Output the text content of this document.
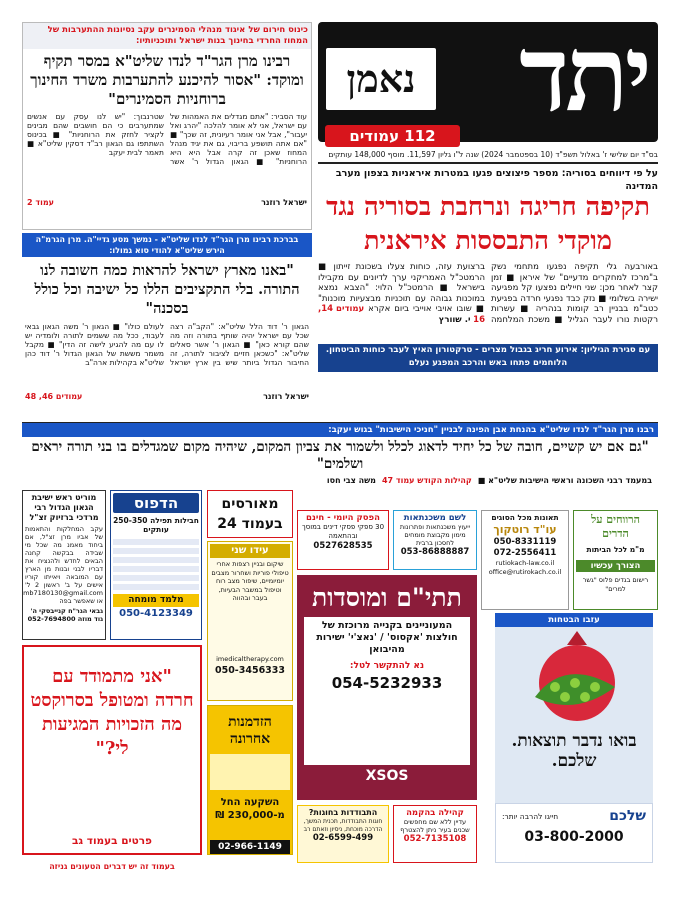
יתד
נאמן
112 עמודים
בס"ד יום שלישי ז' באלול תשפ"ד (10 בספטמבר 2024) שנה ל"ו גליון 11,597. מוסף 148,000 עותקים
על פי דיווחים בסוריה: מספר פיצוצים פגעו במטרות איראניות בצפון מערב המדינה
תקיפה חריגה ונרחבת בסוריה נגד מוקדי התבססות איראנית
באורבעה גלי תקיפה נפגעו מתחמי נשק ב"מרכז למחקרים מדעיים" של איראן ■ זמן קצר לאחר מכן: שני חיילים נפצעו קל מפגיעה ישירה בשלומי ■ נזק כבד נפגעי חרדה בפגיעת כטב"מ בבניין רב קומות בנהריה ■ עשרות רקטות נורו לעבר הגליל ■ משכת המלחמה ברצועת עזה, כוחות צעלו בשכונת זייתון ■ הרמטכ"ל האמריקני ערך לדיונים עם מקבילו בישראל ■ הרמטכ"ל הלוי: "הצבא נמצא במוכנות גבוהה עם תוכניות מבצעיות מוכנות" ■ שובו אויבי אוייבי ביום אקרא עמודים 14, 16 י. שוורץ
כינוס חירום של איגוד מנהלי הסמינרים עקב נסיונות ההתערבות של המחוז החרדי בחינוך בנות ישראל ותוכניותיו:
רבינו מרן הגר"ד לנדו שליט"א במסר תקיף ומוקד: "אסור להיכנע להתערבות משרד החינוך ברוחניות הסמינרים"
עוד הסביר: "אתם מגדלים את האמהות של עם ישראל, אני לא אומר להלכה "יהרג ואל יעבור", אבל אני אומר רעיונית, זה שכך" ■ "אם אתה תושפע בריבוי, גם את יגיד מנהל המחוז שאכן זה קרה אבל היא היא הרוחניות" ■ הגאון הגדול ר' אשר שטרנבוך: "יש לנו עסק עם אנשים שמתערבים כי הם חושבים שהם מבינים לקציר לחזק את הרוחניות" ■ בכינוס השתתפו גם הגאון רב"ד דסקין שליט"א ■ תאמר לבית יעקב
ישראל רוזנר
עמוד 2
בברכת רבינו מרן הגר"ד לנדו שליט"א - נמשך מסע גדיי"ה. מרן הגרמ"ה הירש שליט"א להודי סוא גמולו:
"באנו מארץ ישראל להראות כמה חשובה לנו התורה. בלי התקציבים הללו כל ישיבה וכל כולל בסכנה"
הגאון ר' דוד הלל שליט"א: "הקב"ה רצה שכל עם ישראל יהיה שותף בתורה וזה מה שהם קורא כאן" ■ הגאון ר' אשר סאלים שליט"א: "כשכאן חזיים לציבור לתורה, זה החיבור הגדול ביותר שיש בין ארץ ישראל לעולם כולו" ■ הגאון ר' משה הגאון גבאי לעבוד, ככל מה ששמים לתורה ולומדיה יש לו עם מה להגיע לישה זה הדין" ■ מקבל משמר מששת של הגאון הגדול ר' דוד כהן שליט"א בקהילות ארה"ב
ישראל רוזנר
עמודים 46, 48
עם סגירת הגיליון: אירוע חריג בגבול מצרים - טרקטורון האיץ לעבר כוחות הביטחון. הלוחמים פתחו באש והרכב המפגע נעלם
רבנו מרן הגר"ד לנדו שליט"א בהנחת אבן הפינה לבניין "חניכי הישיבות" בגוש יעקב:
"גם אם יש קשיים, חובה של כל יחיד לדאוג לכלל ולשמור את צביון המקום, שיהיה מקום שמגדלים בו בני תורה יראים ושלמים"
במעמד רבני השכונה וראשי הישיבות שליט"א ■
קהילות הקודש עמוד 47
משה צבי חסו
מוריט ראש ישיבת הגאון הגדול רבי מרדכי ברזיוק זצ"ל
עקב המחלקות והתאמות של אביו מרן זצ"ל, אם ביחוד מאמנ מה שכל מי שבידה בבקשה קחנה הבאים לחדש ולהנציח את דבריו לבני ובנות מן הארץ עם המובאה ויאייתו קוריו אישים על ב' ראשון 2 ל' mb7180130@gmail.com או שאפשר בפה
גבאי הגר"ח קנייבסקי ה' גוד מוזה 052-7694800
הדפוס
חבילות תפילה 250-350 עותקים
מלמד מומחה
050-4123349
מאורסים בעמוד 24
עידו שני
שיקום ובניין רצפות אחרי טיפולי פוריות ושחרור מצבים יומיומיים, שיפור מצב רוח וטיפול במשבר הבעיות, בעבר ובהווה
imedicaltherapy.com
050-3456333
הזדמנות אחרונה
השקעה החל מ-230,000 ₪
02-966-1149
הפסק היומי - חינם
30 ספקי פסקי דינים במוסך ובהתאמה
0527628535
לשם משכנתאות
ייעוץ משכנתאות ופתרונות מימון מקבוצת מומחים לחסכון ברבית
053-86888887
תאונות מכל הסוגים
עו"ד רוטקוך
050-8331119
072-2556411
rutiokach-law.co.il
office@rutirokach.co.il
הרווחים על הדרים
מ"מ לכל הביתות
הצורך עכשיו
רישום בגדים פלוס "גשר למרים"
תתי"ם ומוסדות
המעוניינים בקנייה מרוכזת של חולצות 'אקסוס' / 'נאצ'י' ישירות מהיבואן
נא להתקשר לטל:
054-5232933
XSOS
התבודדות בחוגות?
חוגות התבודדות, תכנית המשך, הדרכה מוכחת, ניסיון וזאתם רב
02-6599-499
קהילה בהקמה
עדיין ללא שם מחפשים שכנים בעיר ניתן להצטרף
052-7135108
עזבו הבטחות
בואו נדבר תוצאות. שלכם.
שלכם
חייגו להרבה יותר:
03-800-2000
"אני מתמודד עם חרדה ומטופל בסרוקסט מה הזכויות המגיעות לי?"
פרטים בעמוד גב
בעמוד זה יש דברים הטעונים גניזה
